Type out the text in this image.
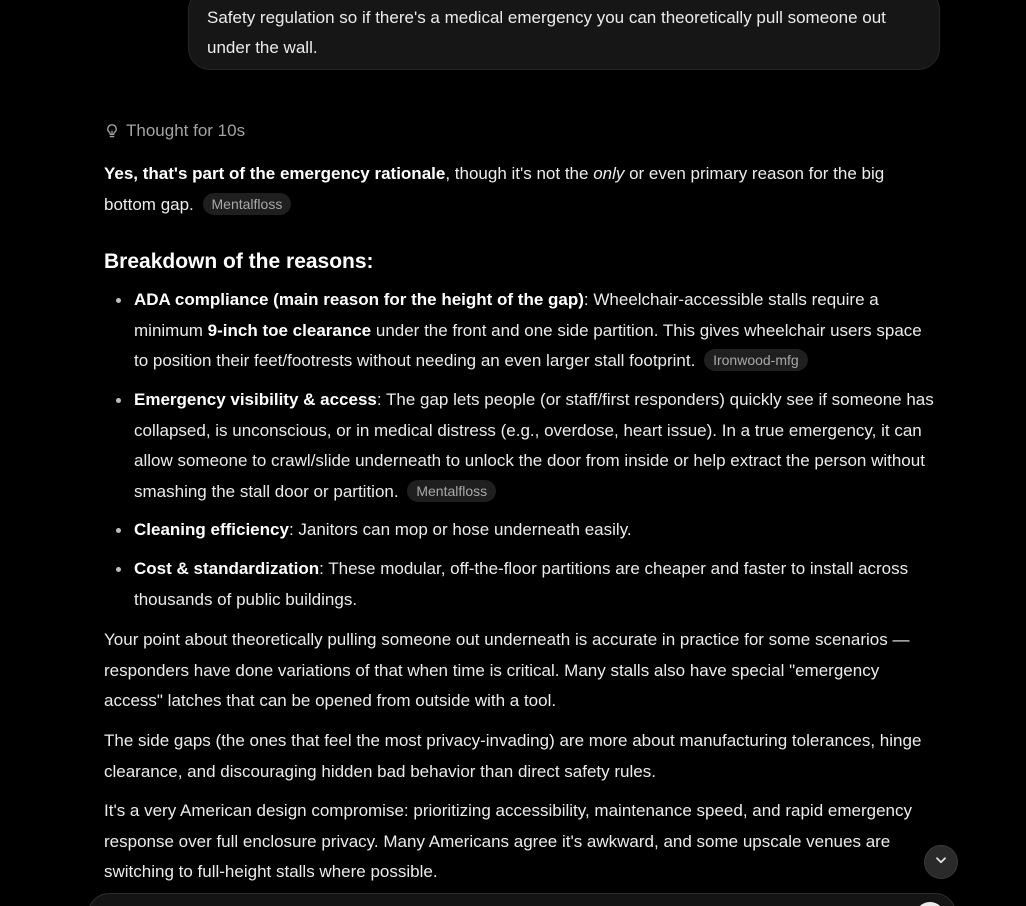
Safety regulation so if there's a medical emergency you can theoretically pull someone out under the wall.
Thought for 10s

Yes, that's part of the emergency rationale, though it's not the only or even primary reason for the big bottom gap. Mentalfloss

Breakdown of the reasons:
ADA compliance (main reason for the height of the gap): Wheelchair-accessible stalls require a minimum 9-inch toe clearance under the front and one side partition. This gives wheelchair users space to position their feet/footrests without needing an even larger stall footprint. Ironwood-mfg
Emergency visibility & access: The gap lets people (or staff/first responders) quickly see if someone has collapsed, is unconscious, or in medical distress (e.g., overdose, heart issue). In a true emergency, it can allow someone to crawl/slide underneath to unlock the door from inside or help extract the person without smashing the stall door or partition. Mentalfloss
Cleaning efficiency: Janitors can mop or hose underneath easily.
Cost & standardization: These modular, off-the-floor partitions are cheaper and faster to install across thousands of public buildings.

Your point about theoretically pulling someone out underneath is accurate in practice for some scenarios — responders have done variations of that when time is critical. Many stalls also have special "emergency access" latches that can be opened from outside with a tool.

The side gaps (the ones that feel the most privacy-invading) are more about manufacturing tolerances, hinge clearance, and discouraging hidden bad behavior than direct safety rules.

It's a very American design compromise: prioritizing accessibility, maintenance speed, and rapid emergency response over full enclosure privacy. Many Americans agree it's awkward, and some upscale venues are switching to full-height stalls where possible.
